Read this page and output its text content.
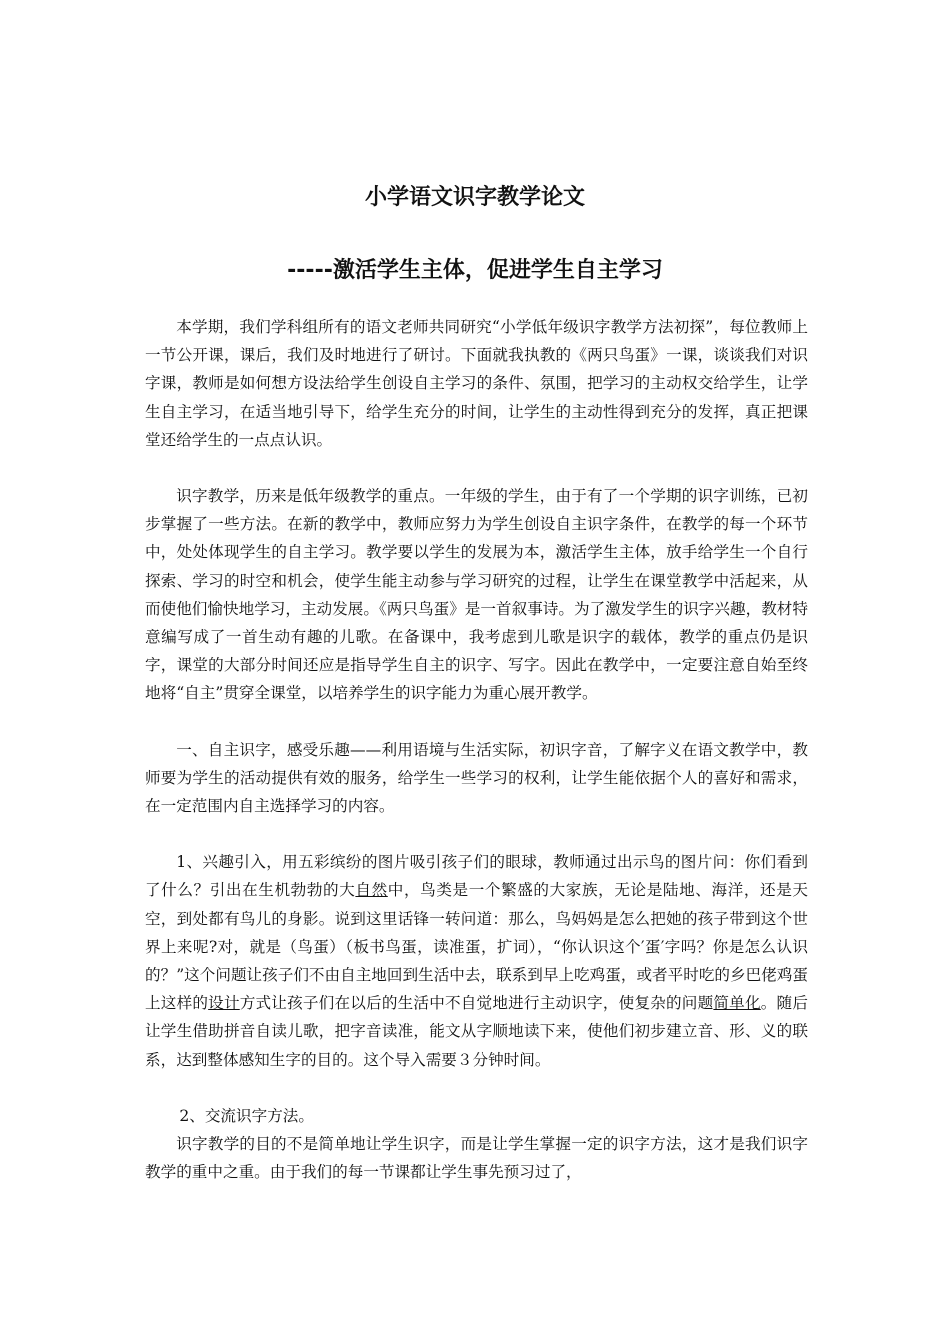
小学语文识字教学论文
-----激活学生主体，促进学生自主学习

本学期，我们学科组所有的语文老师共同研究“小学低年级识字教学方法初探”，每位教师上一节公开课，课后，我们及时地进行了研讨。下面就我执教的《两只鸟蛋》一课，谈谈我们对识字课，教师是如何想方设法给学生创设自主学习的条件、氛围，把学习的主动权交给学生，让学生自主学习，在适当地引导下，给学生充分的时间，让学生的主动性得到充分的发挥，真正把课堂还给学生的一点点认识。

识字教学，历来是低年级教学的重点。一年级的学生，由于有了一个学期的识字训练，已初步掌握了一些方法。在新的教学中，教师应努力为学生创设自主识字条件，在教学的每一个环节中，处处体现学生的自主学习。教学要以学生的发展为本，激活学生主体，放手给学生一个自行探索、学习的时空和机会，使学生能主动参与学习研究的过程，让学生在课堂教学中活起来，从而使他们愉快地学习，主动发展。《两只鸟蛋》是一首叙事诗。为了激发学生的识字兴趣，教材特意编写成了一首生动有趣的儿歌。在备课中，我考虑到儿歌是识字的载体，教学的重点仍是识字，课堂的大部分时间还应是指导学生自主的识字、写字。因此在教学中，一定要注意自始至终地将“自主”贯穿全课堂，以培养学生的识字能力为重心展开教学。

一、自主识字，感受乐趣——利用语境与生活实际，初识字音，了解字义在语文教学中，教师要为学生的活动提供有效的服务，给学生一些学习的权利，让学生能依据个人的喜好和需求，在一定范围内自主选择学习的内容。

1、兴趣引入，用五彩缤纷的图片吸引孩子们的眼球，教师通过出示鸟的图片问：你们看到了什么？引出在生机勃勃的大自然中，鸟类是一个繁盛的大家族，无论是陆地、海洋，还是天空，到处都有鸟儿的身影。说到这里话锋一转问道：那么，鸟妈妈是怎么把她的孩子带到这个世界上来呢?对，就是（鸟蛋）（板书鸟蛋，读准蛋，扩词），“你认识这个′蛋′字吗？你是怎么认识的？”这个问题让孩子们不由自主地回到生活中去，联系到早上吃鸡蛋，或者平时吃的乡巴佬鸡蛋上这样的设计方式让孩子们在以后的生活中不自觉地进行主动识字，使复杂的问题简单化。随后让学生借助拼音自读儿歌，把字音读准，能文从字顺地读下来，使他们初步建立音、形、义的联系，达到整体感知生字的目的。这个导入需要３分钟时间。

2、交流识字方法。

识字教学的目的不是简单地让学生识字，而是让学生掌握一定的识字方法，这才是我们识字教学的重中之重。由于我们的每一节课都让学生事先预习过了，
